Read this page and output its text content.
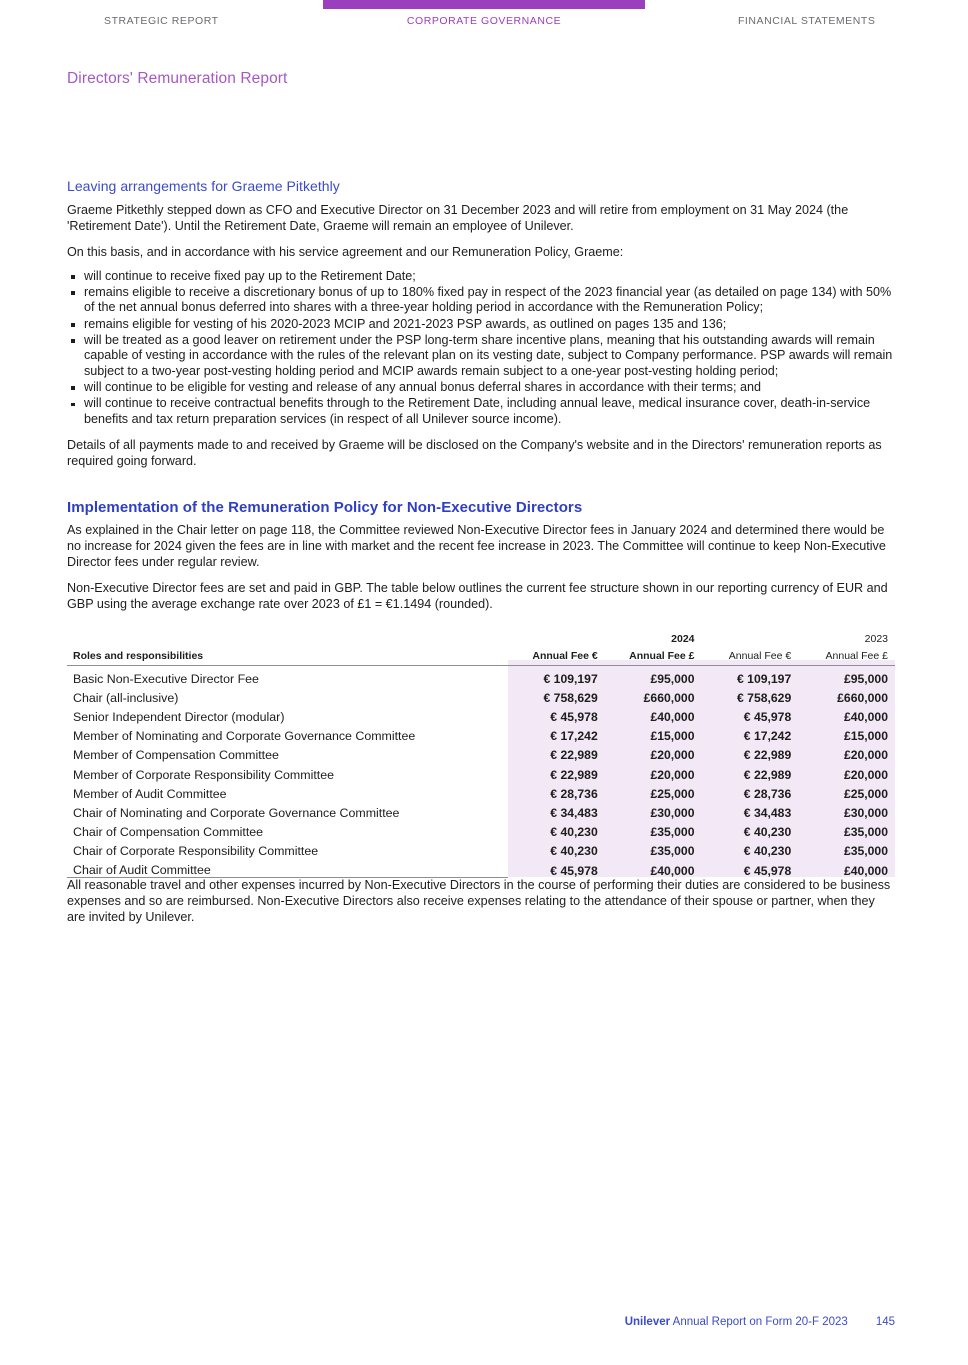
STRATEGIC REPORT	CORPORATE GOVERNANCE	FINANCIAL STATEMENTS
Directors' Remuneration Report
Leaving arrangements for Graeme Pitkethly

Graeme Pitkethly stepped down as CFO and Executive Director on 31 December 2023 and will retire from employment on 31 May 2024 (the 'Retirement Date'). Until the Retirement Date, Graeme will remain an employee of Unilever.

On this basis, and in accordance with his service agreement and our Remuneration Policy, Graeme:

will continue to receive fixed pay up to the Retirement Date;
remains eligible to receive a discretionary bonus of up to 180% fixed pay in respect of the 2023 financial year (as detailed on page 134) with 50% of the net annual bonus deferred into shares with a three-year holding period in accordance with the Remuneration Policy;
remains eligible for vesting of his 2020-2023 MCIP and 2021-2023 PSP awards, as outlined on pages 135 and 136;
will be treated as a good leaver on retirement under the PSP long-term share incentive plans, meaning that his outstanding awards will remain capable of vesting in accordance with the rules of the relevant plan on its vesting date, subject to Company performance. PSP awards will remain subject to a two-year post-vesting holding period and MCIP awards remain subject to a one-year post-vesting holding period;
will continue to be eligible for vesting and release of any annual bonus deferral shares in accordance with their terms; and
will continue to receive contractual benefits through to the Retirement Date, including annual leave, medical insurance cover, death-in-service benefits and tax return preparation services (in respect of all Unilever source income).

Details of all payments made to and received by Graeme will be disclosed on the Company's website and in the Directors' remuneration reports as required going forward.

Implementation of the Remuneration Policy for Non-Executive Directors

As explained in the Chair letter on page 118, the Committee reviewed Non-Executive Director fees in January 2024 and determined there would be no increase for 2024 given the fees are in line with market and the recent fee increase in 2023. The Committee will continue to keep Non-Executive Director fees under regular review.

Non-Executive Director fees are set and paid in GBP. The table below outlines the current fee structure shown in our reporting currency of EUR and GBP using the average exchange rate over 2023 of £1 = €1.1494 (rounded).

		2024		2023
Roles and responsibilities	Annual Fee €	Annual Fee £	Annual Fee €	Annual Fee £
Basic Non-Executive Director Fee	€ 109,197	£95,000	€ 109,197	£95,000
Chair (all-inclusive)	€ 758,629	£660,000	€ 758,629	£660,000
Senior Independent Director (modular)	€ 45,978	£40,000	€ 45,978	£40,000
Member of Nominating and Corporate Governance Committee	€ 17,242	£15,000	€ 17,242	£15,000
Member of Compensation Committee	€ 22,989	£20,000	€ 22,989	£20,000
Member of Corporate Responsibility Committee	€ 22,989	£20,000	€ 22,989	£20,000
Member of Audit Committee	€ 28,736	£25,000	€ 28,736	£25,000
Chair of Nominating and Corporate Governance Committee	€ 34,483	£30,000	€ 34,483	£30,000
Chair of Compensation Committee	€ 40,230	£35,000	€ 40,230	£35,000
Chair of Corporate Responsibility Committee	€ 40,230	£35,000	€ 40,230	£35,000
Chair of Audit Committee	€ 45,978	£40,000	€ 45,978	£40,000

All reasonable travel and other expenses incurred by Non-Executive Directors in the course of performing their duties are considered to be business expenses and so are reimbursed. Non-Executive Directors also receive expenses relating to the attendance of their spouse or partner, when they are invited by Unilever.

Unilever Annual Report on Form 20-F 2023 145
